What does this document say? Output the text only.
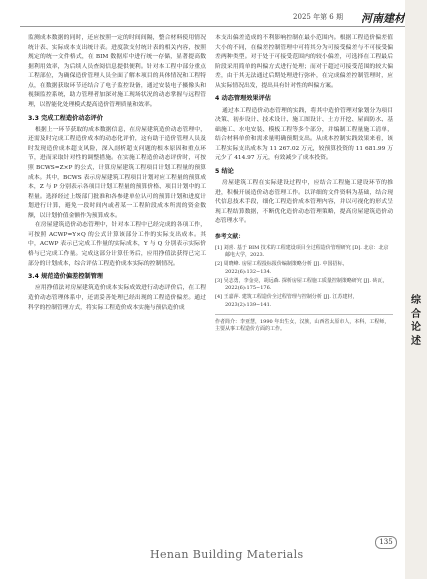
2025 年第 6 期 河南建材
综合论述

监测成本数据的同时，还应按照一定的时间间隔，整合材料使用情况统计表、实际成本支出统计表。进度款支付统计表的相关内容，按照规定的统一文件格式，在 BIM 数据库中进行统一存储，显著提高数据利用效率，为后续人员查阅信息提供便利。针对本工程中部分重点工程部位，为确保造价管理人员全面了解本项目的具体情况和工程特点，在数据获取环节还结合了电子监控设备，通过安装电子摄像头和视频监控系统，助力管理者加深对施工现场状况的动态掌握与远程管理，以智能化处理模式提高造价管理质量和效率。

3.3 完成工程造价动态评价

根据上一环节获取的成本数据信息，在房屋建筑造价动态管理中，还需及时完成工程造价成本的动态化评价，这有助于造价管理人员及时发现造价成本超支风险，深入剖析超支问题的根本原因和重点环节，进而采取针对性的调整措施。在实施工程造价动态评价时，可按照 BCWS=Z×P 的公式，计算房屋建筑工程项目计划工程量的预算成本。其中，BCWS 表示房屋建筑工程项目计划对应工程量的预算成本，Z 与 P 分别表示各项目计划工程量的预算价格、项目计划中的工程量。选择经过上级部门批准和各参建单位认可的预算计划和进度计划进行计算，避免一段时间内或者某一工程阶段成本所需的资金数额，以计划价值金额作为预算成本。

在房屋建筑造价动态管理中，针对本工程中已经完成的各项工作，可按照 ACWP=Y×Q 的公式计算该部分工作的实际支出成本。其中，ACWP 表示已完成工作量的实际成本，Y 与 Q 分别表示实际价格与已完成工作量。完成这部分计算任务后，应用挣值法获得已完工部分的计划成本，综合评估工程造价成本实际的控制情况。

3.4 规范造价偏差控制管理

应用挣值法对房屋建筑造价成本实际成效进行动态评价后，在工程造价动态管理体系中，还需妥善处理已经出现的工程造价偏差。通过科学的控制管理方式，将实际工程造价成本实施与预估造价成

本支出偏差造成的不利影响控制在最小范围内。根据工程造价偏差值大小的不同，在偏差控制管理中可将其分为可接受偏差与不可接受偏差两种类型。对于处于可接受范围内的较小偏差，可选择在工程最后阶段采用简单的纠偏方式进行处理；而对于超过可接受范围的较大偏差，由于其无法通过后期处理进行弥补，在完成偏差控制管理时，应从实际情况出发，提出具有针对性的纠偏方案。

4 动态管理效果评估

通过本工程造价动态管理的实践，将其中造价管理对象划分为项目决策、初步设计、技术设计、施工图设计、土方开挖、屋面防水、基础施工、水电安装、模板工程等多个部分，并编制工程量施工清单，结合材料单价和需求量明确预期支出。从成本控制实践效果来看，该工程实际支出成本为 11 267.02 万元，较预算投资的 11 681.99 万元少了 414.97 万元，有效减少了成本投资。

5 结论

房屋建筑工程在实际建设过程中，应结合工程施工建设环节的推进，积极开展造价动态管理工作。以详细的文件资料为基础，结合现代信息技术手段，细化工程造价成本管理内容，并以可视化的形式呈现工程结算数据，不断优化造价动态管理策略，提高房屋建筑造价动态管理水平。

参考文献：
[1] 刘喜. 基于 BIM 技术的工程建设项目全过程造价管理研究 [D]. 北京：北京邮电大学，2023.
[2] 周晓峰. 房屋工程投标报价编制策略分析 [J]. 中国招标，2022(6):132−134.
[3] 吴志勇，李金亮，胡远森. 探析房屋工程施工质量控制策略研究 [J]. 砖瓦，2022(6):175−176.
[4] 王嘉萍. 建筑工程造价全过程管理与控制分析 [J]. 江苏建材，2023(2):139−141.
作者简介：李亚慧，1990 年出生女，汉族，山西省太原市人，本科，工程师，主要从事工程造价方面的工作。
Henan Building Materials
135
